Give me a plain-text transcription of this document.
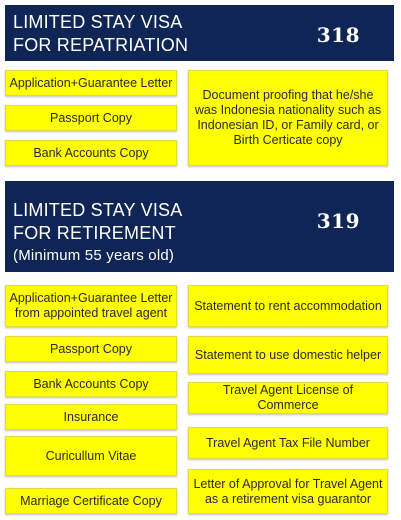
LIMITED STAY VISA
FOR REPATRIATION	318
Application+Guarantee Letter
Passport Copy
Bank Accounts Copy
Document proofing that he/she
was Indonesia nationality such as
Indonesian ID, or Family card, or
Birth Certicate copy
LIMITED STAY VISA
FOR RETIREMENT
(Minimum 55 years old)
319
Application+Guarantee Letter
from appointed travel agent
Passport Copy
Bank Accounts Copy
Insurance
Curicullum Vitae
Marriage Certificate Copy
Statement to rent accommodation
Statement to use domestic helper
Travel Agent License of Commerce
Travel Agent Tax File Number
Letter of Approval for Travel Agent
as a retirement visa guarantor
